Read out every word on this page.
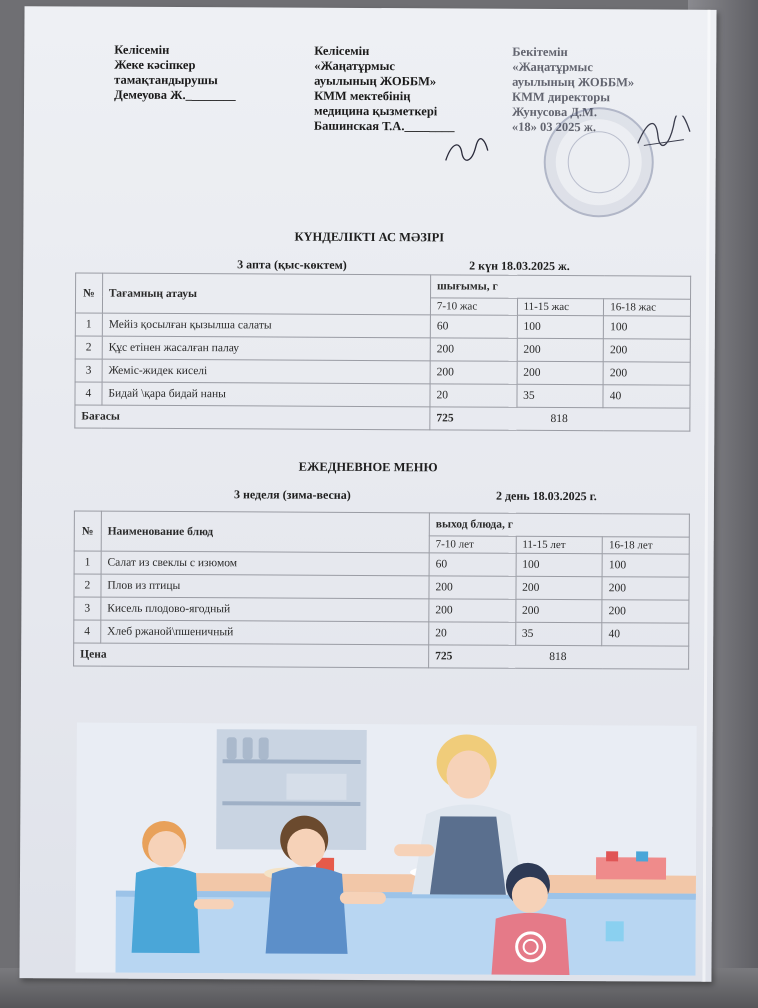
Келісемін
Жеке кәсіпкер
тамақтандырушы
Демеуова Ж.________
Келісемін
«Жаңатұрмыс
ауылының ЖОББМ»
КММ мектебінің
медицина қызметкері
Башинская Т.А.________
Бекітемін
«Жаңатұрмыс
ауылының ЖОББМ»
КММ директоры
Жунусова Д.М.
«18» 03 2025 ж.
КҮНДЕЛІКТІ АС МӘЗІРІ
3 апта (қыс-көктем)	2 күн 18.03.2025 ж.
№	Тағамның атауы	шығымы, г		
		7-10 жас	11-15 жас	16-18 жас
1	Мейіз қосылған қызылша салаты	60	100	100
2	Құс етінен жасалған палау	200	200	200
3	Жеміс-жидек киселі	200	200	200
4	Бидай \қара бидай наны	20	35	40
Бағасы		725 818		
ЕЖЕДНЕВНОЕ МЕНЮ
3 неделя (зима-весна)	2 день 18.03.2025 г.
№	Наименование блюд	выход блюда, г		
		7-10 лет	11-15 лет	16-18 лет
1	Салат из свеклы с изюмом	60	100	100
2	Плов из птицы	200	200	200
3	Кисель плодово-ягодный	200	200	200
4	Хлеб ржаной\пшеничный	20	35	40
Цена		725 818		
